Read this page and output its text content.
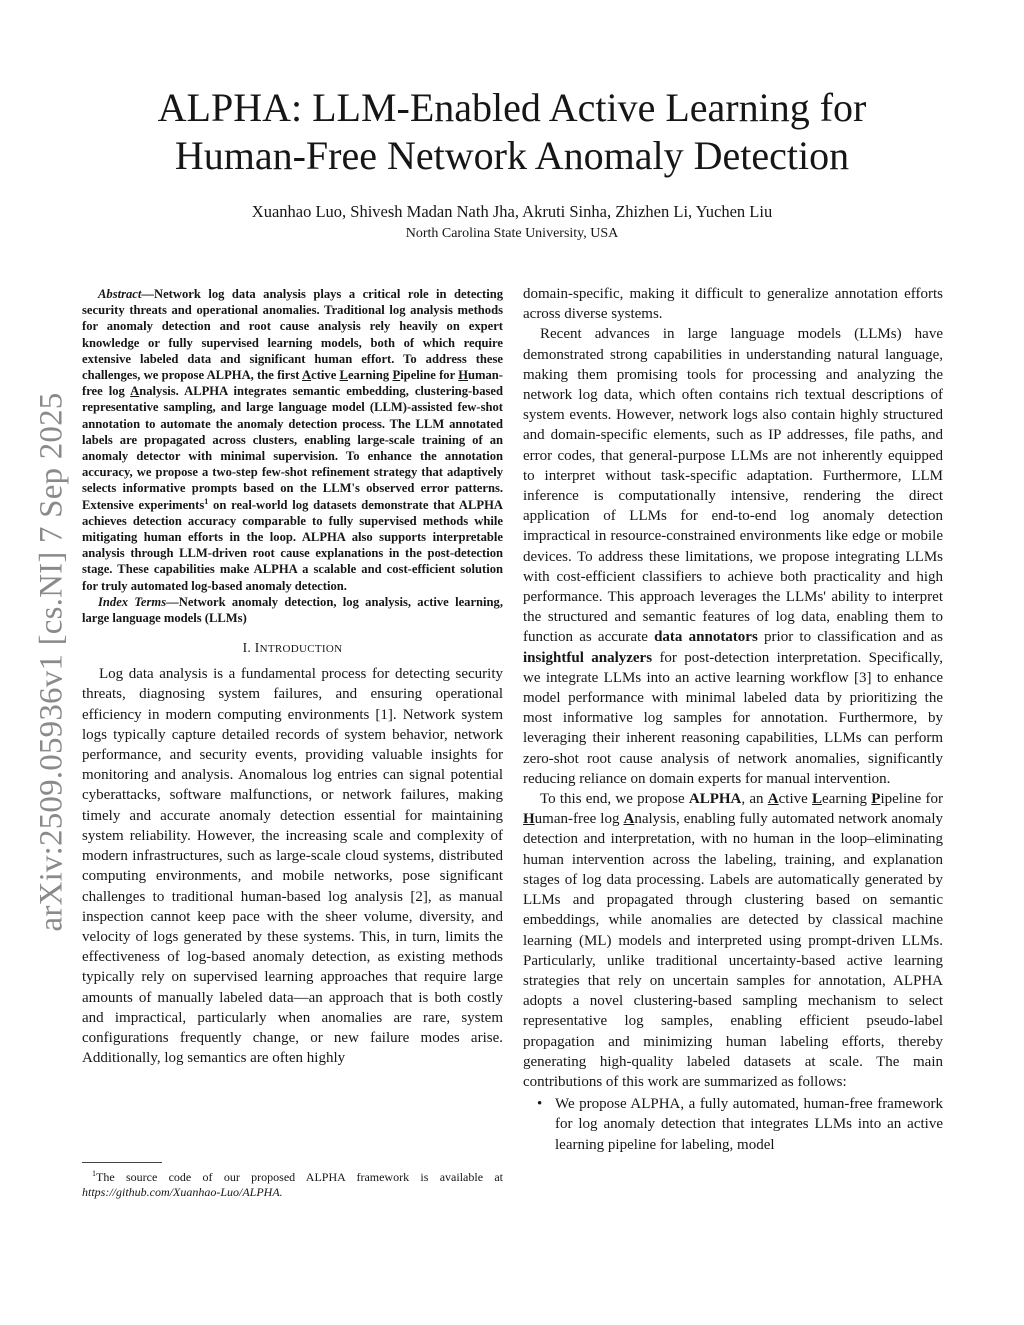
arXiv:2509.05936v1 [cs.NI] 7 Sep 2025
ALPHA: LLM-Enabled Active Learning for
Human-Free Network Anomaly Detection
Xuanhao Luo, Shivesh Madan Nath Jha, Akruti Sinha, Zhizhen Li, Yuchen Liu
North Carolina State University, USA

Abstract—Network log data analysis plays a critical role in detecting security threats and operational anomalies. Traditional log analysis methods for anomaly detection and root cause analysis rely heavily on expert knowledge or fully supervised learning models, both of which require extensive labeled data and significant human effort. To address these challenges, we propose ALPHA, the first Active Learning Pipeline for Human-free log Analysis. ALPHA integrates semantic embedding, clustering-based representative sampling, and large language model (LLM)-assisted few-shot annotation to automate the anomaly detection process. The LLM annotated labels are propagated across clusters, enabling large-scale training of an anomaly detector with minimal supervision. To enhance the annotation accuracy, we propose a two-step few-shot refinement strategy that adaptively selects informative prompts based on the LLM's observed error patterns. Extensive experiments$^1$ on real-world log datasets demonstrate that ALPHA achieves detection accuracy comparable to fully supervised methods while mitigating human efforts in the loop. ALPHA also supports interpretable analysis through LLM-driven root cause explanations in the post-detection stage. These capabilities make ALPHA a scalable and cost-efficient solution for truly automated log-based anomaly detection.

Index Terms—Network anomaly detection, log analysis, active learning, large language models (LLMs)

I. INTRODUCTION

Log data analysis is a fundamental process for detecting security threats, diagnosing system failures, and ensuring operational efficiency in modern computing environments [1]. Network system logs typically capture detailed records of system behavior, network performance, and security events, providing valuable insights for monitoring and analysis. Anomalous log entries can signal potential cyberattacks, software malfunctions, or network failures, making timely and accurate anomaly detection essential for maintaining system reliability. However, the increasing scale and complexity of modern infrastructures, such as large-scale cloud systems, distributed computing environments, and mobile networks, pose significant challenges to traditional human-based log analysis [2], as manual inspection cannot keep pace with the sheer volume, diversity, and velocity of logs generated by these systems. This, in turn, limits the effectiveness of log-based anomaly detection, as existing methods typically rely on supervised learning approaches that require large amounts of manually labeled data—an approach that is both costly and impractical, particularly when anomalies are rare, system configurations frequently change, or new failure modes arise. Additionally, log semantics are often highly

$^1$The source code of our proposed ALPHA framework is available at https://github.com/Xuanhao-Luo/ALPHA.

domain-specific, making it difficult to generalize annotation efforts across diverse systems.

Recent advances in large language models (LLMs) have demonstrated strong capabilities in understanding natural language, making them promising tools for processing and analyzing the network log data, which often contains rich textual descriptions of system events. However, network logs also contain highly structured and domain-specific elements, such as IP addresses, file paths, and error codes, that general-purpose LLMs are not inherently equipped to interpret without task-specific adaptation. Furthermore, LLM inference is computationally intensive, rendering the direct application of LLMs for end-to-end log anomaly detection impractical in resource-constrained environments like edge or mobile devices. To address these limitations, we propose integrating LLMs with cost-efficient classifiers to achieve both practicality and high performance. This approach leverages the LLMs' ability to interpret the structured and semantic features of log data, enabling them to function as accurate data annotators prior to classification and as insightful analyzers for post-detection interpretation. Specifically, we integrate LLMs into an active learning workflow [3] to enhance model performance with minimal labeled data by prioritizing the most informative log samples for annotation. Furthermore, by leveraging their inherent reasoning capabilities, LLMs can perform zero-shot root cause analysis of network anomalies, significantly reducing reliance on domain experts for manual intervention.

To this end, we propose ALPHA, an Active Learning Pipeline for Human-free log Analysis, enabling fully automated network anomaly detection and interpretation, with no human in the loop–eliminating human intervention across the labeling, training, and explanation stages of log data processing. Labels are automatically generated by LLMs and propagated through clustering based on semantic embeddings, while anomalies are detected by classical machine learning (ML) models and interpreted using prompt-driven LLMs. Particularly, unlike traditional uncertainty-based active learning strategies that rely on uncertain samples for annotation, ALPHA adopts a novel clustering-based sampling mechanism to select representative log samples, enabling efficient pseudo-label propagation and minimizing human labeling efforts, thereby generating high-quality labeled datasets at scale. The main contributions of this work are summarized as follows:

• We propose ALPHA, a fully automated, human-free framework for log anomaly detection that integrates LLMs into an active learning pipeline for labeling, model
